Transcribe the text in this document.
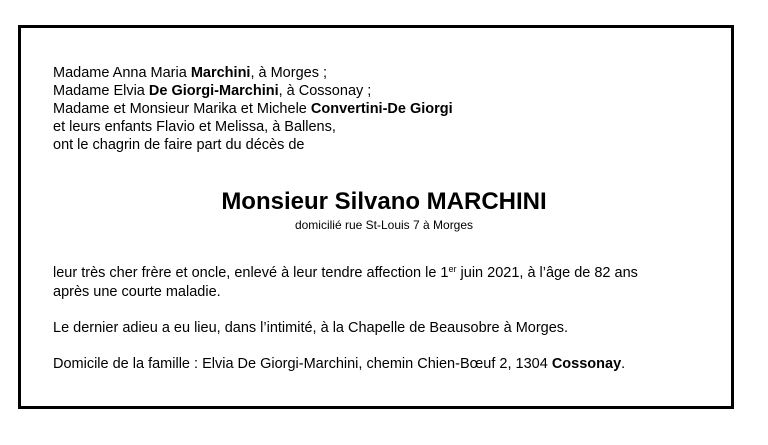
Madame Anna Maria Marchini, à Morges ;
Madame Elvia De Giorgi-Marchini, à Cossonay ;
Madame et Monsieur Marika et Michele Convertini-De Giorgi
et leurs enfants Flavio et Melissa, à Ballens,
ont le chagrin de faire part du décès de
Monsieur Silvano MARCHINI
domicilié rue St-Louis 7 à Morges
leur très cher frère et oncle, enlevé à leur tendre affection le 1er juin 2021, à l’âge de 82 ans
après une courte maladie.
Le dernier adieu a eu lieu, dans l’intimité, à la Chapelle de Beausobre à Morges.
Domicile de la famille : Elvia De Giorgi-Marchini, chemin Chien-Bœuf 2, 1304 Cossonay.
